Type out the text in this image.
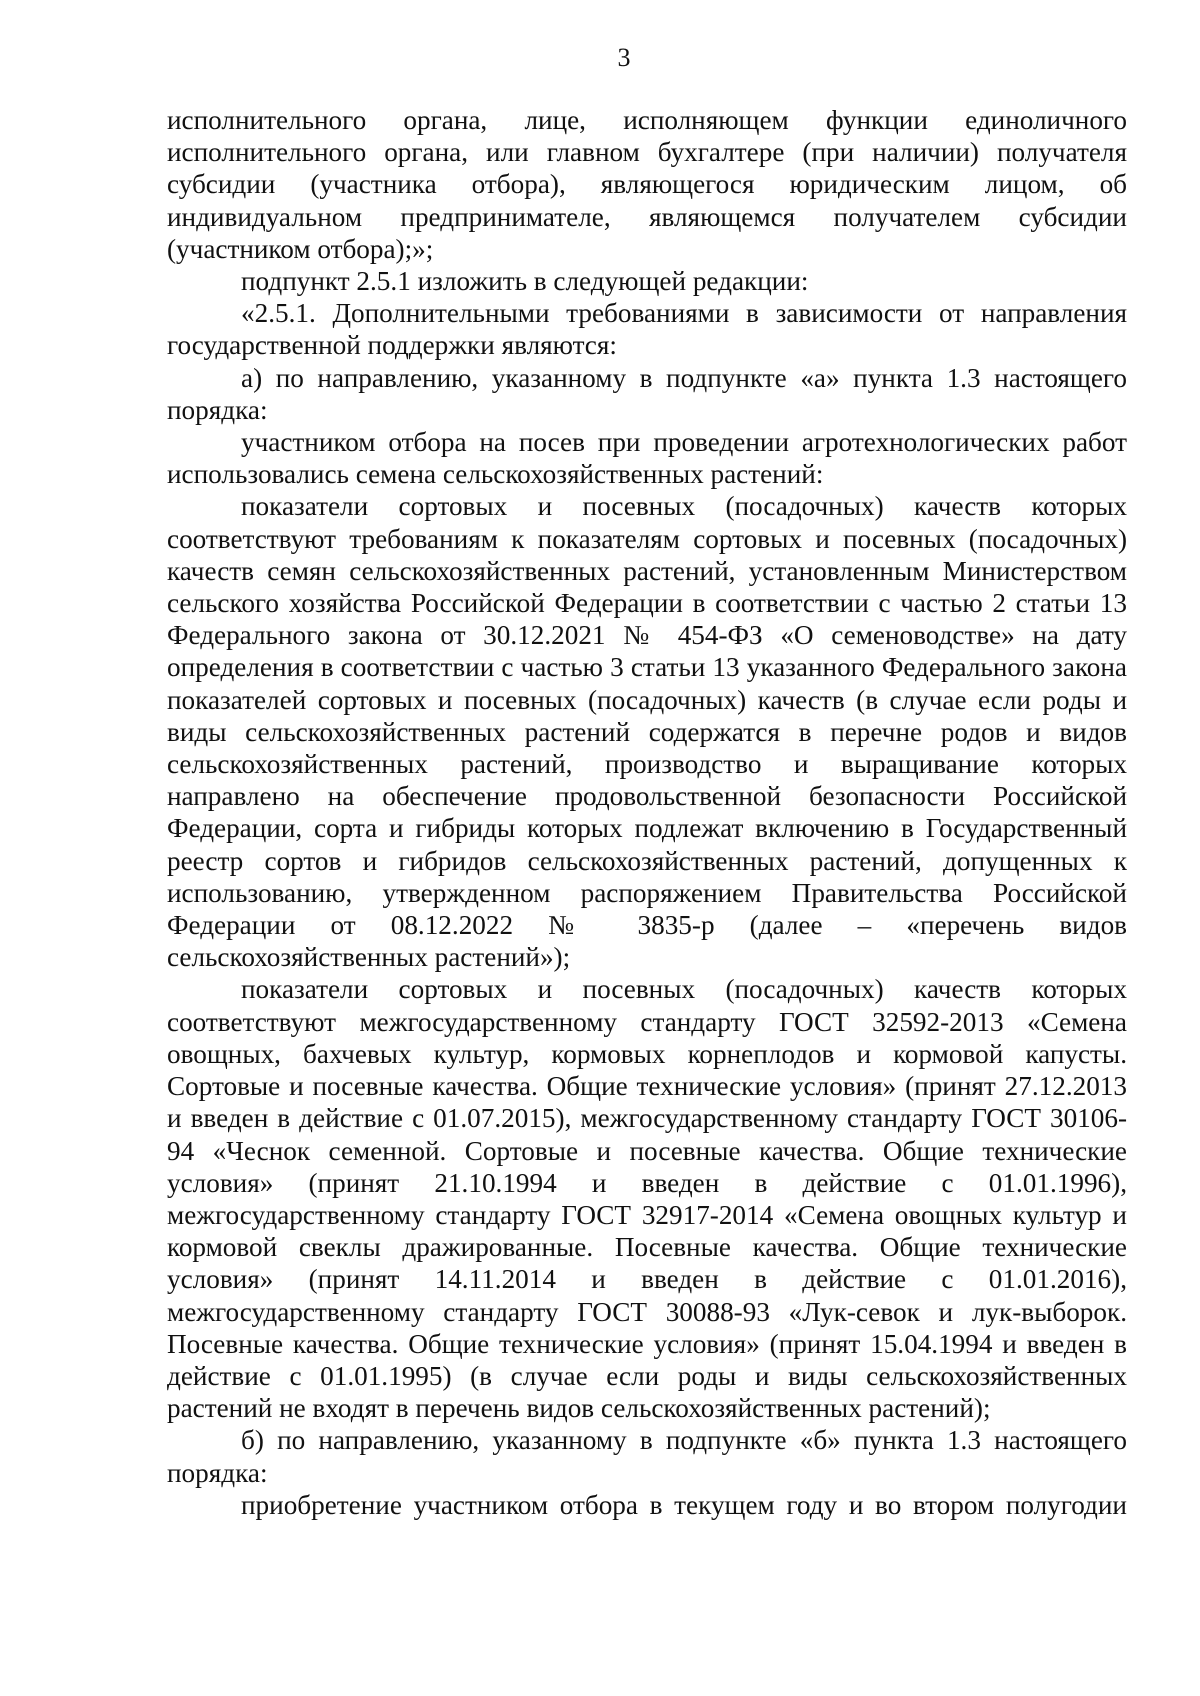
3

исполнительного органа, лице, исполняющем функции единоличного исполнительного органа, или главном бухгалтере (при наличии) получателя субсидии (участника отбора), являющегося юридическим лицом, об индивидуальном предпринимателе, являющемся получателем субсидии (участником отбора);»;

подпункт 2.5.1 изложить в следующей редакции:

«2.5.1. Дополнительными требованиями в зависимости от направления государственной поддержки являются:

а) по направлению, указанному в подпункте «а» пункта 1.3 настоящего порядка:

участником отбора на посев при проведении агротехнологических работ использовались семена сельскохозяйственных растений:

показатели сортовых и посевных (посадочных) качеств которых соответствуют требованиям к показателям сортовых и посевных (посадочных) качеств семян сельскохозяйственных растений, установленным Министерством сельского хозяйства Российской Федерации в соответствии с частью 2 статьи 13 Федерального закона от 30.12.2021 № 454-ФЗ «О семеноводстве» на дату определения в соответствии с частью 3 статьи 13 указанного Федерального закона показателей сортовых и посевных (посадочных) качеств (в случае если роды и виды сельскохозяйственных растений содержатся в перечне родов и видов сельскохозяйственных растений, производство и выращивание которых направлено на обеспечение продовольственной безопасности Российской Федерации, сорта и гибриды которых подлежат включению в Государственный реестр сортов и гибридов сельскохозяйственных растений, допущенных к использованию, утвержденном распоряжением Правительства Российской Федерации от 08.12.2022 № 3835-р (далее – «перечень видов сельскохозяйственных растений»);

показатели сортовых и посевных (посадочных) качеств которых соответствуют межгосударственному стандарту ГОСТ 32592-2013 «Семена овощных, бахчевых культур, кормовых корнеплодов и кормовой капусты. Сортовые и посевные качества. Общие технические условия» (принят 27.12.2013 и введен в действие с 01.07.2015), межгосударственному стандарту ГОСТ 30106-94 «Чеснок семенной. Сортовые и посевные качества. Общие технические условия» (принят 21.10.1994 и введен в действие с 01.01.1996), межгосударственному стандарту ГОСТ 32917-2014 «Семена овощных культур и кормовой свеклы дражированные. Посевные качества. Общие технические условия» (принят 14.11.2014 и введен в действие с 01.01.2016), межгосударственному стандарту ГОСТ 30088-93 «Лук-севок и лук-выборок. Посевные качества. Общие технические условия» (принят 15.04.1994 и введен в действие с 01.01.1995) (в случае если роды и виды сельскохозяйственных растений не входят в перечень видов сельскохозяйственных растений);

б) по направлению, указанному в подпункте «б» пункта 1.3 настоящего порядка:

приобретение участником отбора в текущем году и во втором полугодии
